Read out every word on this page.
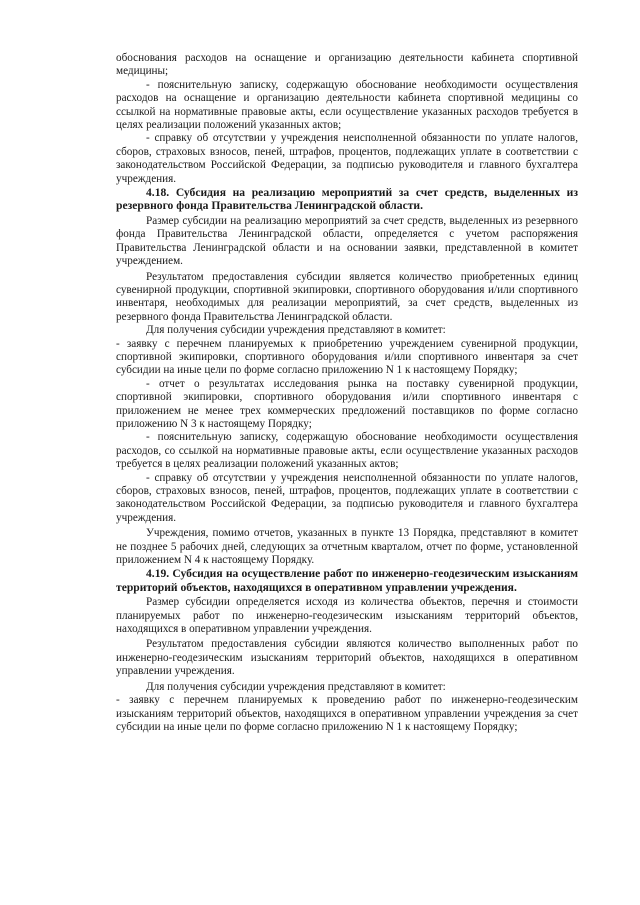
обоснования расходов на оснащение и организацию деятельности кабинета спортивной медицины;

- пояснительную записку, содержащую обоснование необходимости осуществления расходов на оснащение и организацию деятельности кабинета спортивной медицины со ссылкой на нормативные правовые акты, если осуществление указанных расходов требуется в целях реализации положений указанных актов;

- справку об отсутствии у учреждения неисполненной обязанности по уплате налогов, сборов, страховых взносов, пеней, штрафов, процентов, подлежащих уплате в соответствии с законодательством Российской Федерации, за подписью руководителя и главного бухгалтера учреждения.

4.18. Субсидия на реализацию мероприятий за счет средств, выделенных из резервного фонда Правительства Ленинградской области.

Размер субсидии на реализацию мероприятий за счет средств, выделенных из резервного фонда Правительства Ленинградской области, определяется с учетом распоряжения Правительства Ленинградской области и на основании заявки, представленной в комитет учреждением.

Результатом предоставления субсидии является количество приобретенных единиц сувенирной продукции, спортивной экипировки, спортивного оборудования и/или спортивного инвентаря, необходимых для реализации мероприятий, за счет средств, выделенных из резервного фонда Правительства Ленинградской области.

Для получения субсидии учреждения представляют в комитет:

- заявку с перечнем планируемых к приобретению учреждением сувенирной продукции, спортивной экипировки, спортивного оборудования и/или спортивного инвентаря за счет субсидии на иные цели по форме согласно приложению N 1 к настоящему Порядку;

- отчет о результатах исследования рынка на поставку сувенирной продукции, спортивной экипировки, спортивного оборудования и/или спортивного инвентаря с приложением не менее трех коммерческих предложений поставщиков по форме согласно приложению N 3 к настоящему Порядку;

- пояснительную записку, содержащую обоснование необходимости осуществления расходов, со ссылкой на нормативные правовые акты, если осуществление указанных расходов требуется в целях реализации положений указанных актов;

- справку об отсутствии у учреждения неисполненной обязанности по уплате налогов, сборов, страховых взносов, пеней, штрафов, процентов, подлежащих уплате в соответствии с законодательством Российской Федерации, за подписью руководителя и главного бухгалтера учреждения.

Учреждения, помимо отчетов, указанных в пункте 13 Порядка, представляют в комитет не позднее 5 рабочих дней, следующих за отчетным кварталом, отчет по форме, установленной приложением N 4 к настоящему Порядку.

4.19. Субсидия на осуществление работ по инженерно-геодезическим изысканиям территорий объектов, находящихся в оперативном управлении учреждения.

Размер субсидии определяется исходя из количества объектов, перечня и стоимости планируемых работ по инженерно-геодезическим изысканиям территорий объектов, находящихся в оперативном управлении учреждения.

Результатом предоставления субсидии являются количество выполненных работ по инженерно-геодезическим изысканиям территорий объектов, находящихся в оперативном управлении учреждения.

Для получения субсидии учреждения представляют в комитет:

- заявку с перечнем планируемых к проведению работ по инженерно-геодезическим изысканиям территорий объектов, находящихся в оперативном управлении учреждения за счет субсидии на иные цели по форме согласно приложению N 1 к настоящему Порядку;
